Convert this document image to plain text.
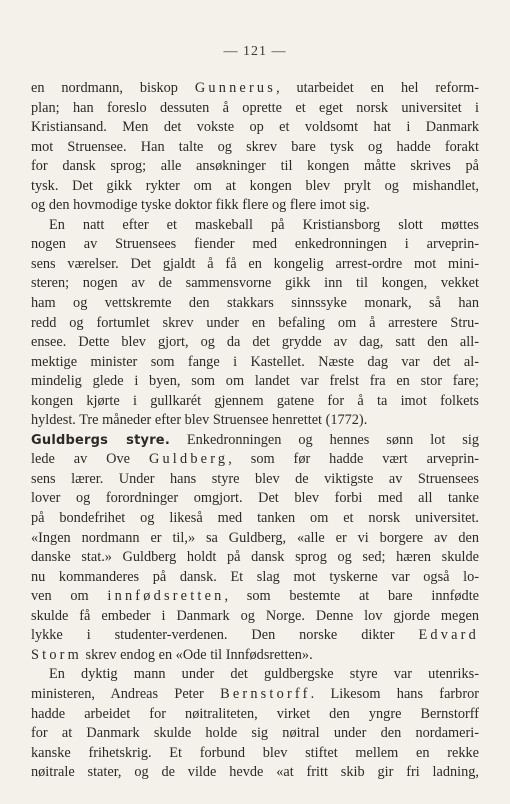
— 121 —
en nordmann, biskop Gunnerus, utarbeidet en hel reform-
plan; han foreslo dessuten å oprette et eget norsk universitet i
Kristiansand. Men det vokste op et voldsomt hat i Danmark
mot Struensee. Han talte og skrev bare tysk og hadde forakt
for dansk sprog; alle ansøkninger til kongen måtte skrives på
tysk. Det gikk rykter om at kongen blev prylt og mishandlet,
og den hovmodige tyske doktor fikk flere og flere imot sig.
En natt efter et maskeball på Kristiansborg slott møttes
nogen av Struensees fiender med enkedronningen i arveprin-
sens værelser. Det gjaldt å få en kongelig arrest-ordre mot mini-
steren; nogen av de sammensvorne gikk inn til kongen, vekket
ham og vettskremte den stakkars sinnssyke monark, så han
redd og fortumlet skrev under en befaling om å arrestere Stru-
ensee. Dette blev gjort, og da det grydde av dag, satt den all-
mektige minister som fange i Kastellet. Næste dag var det al-
mindelig glede i byen, som om landet var frelst fra en stor fare;
kongen kjørte i gullkarét gjennem gatene for å ta imot folkets
hyldest. Tre måneder efter blev Struensee henrettet (1772).
Guldbergs styre. Enkedronningen og hennes sønn lot sig
lede av Ove Guldberg, som før hadde vært arveprin-
sens lærer. Under hans styre blev de viktigste av Struensees
lover og forordninger omgjort. Det blev forbi med all tanke
på bondefrihet og likeså med tanken om et norsk universitet.
«Ingen nordmann er til,» sa Guldberg, «alle er vi borgere av den
danske stat.» Guldberg holdt på dansk sprog og sed; hæren skulde
nu kommanderes på dansk. Et slag mot tyskerne var også lo-
ven om innfødsretten, som bestemte at bare innfødte
skulde få embeder i Danmark og Norge. Denne lov gjorde megen
lykke i studenter-verdenen. Den norske dikter Edvard
Storm skrev endog en «Ode til Innfødsretten».
En dyktig mann under det guldbergske styre var utenriks-
ministeren, Andreas Peter Bernstorff. Likesom hans farbror
hadde arbeidet for nøitraliteten, virket den yngre Bernstorff
for at Danmark skulde holde sig nøitral under den nordameri-
kanske frihetskrig. Et forbund blev stiftet mellem en rekke
nøitrale stater, og de vilde hevde «at fritt skib gir fri ladning,
